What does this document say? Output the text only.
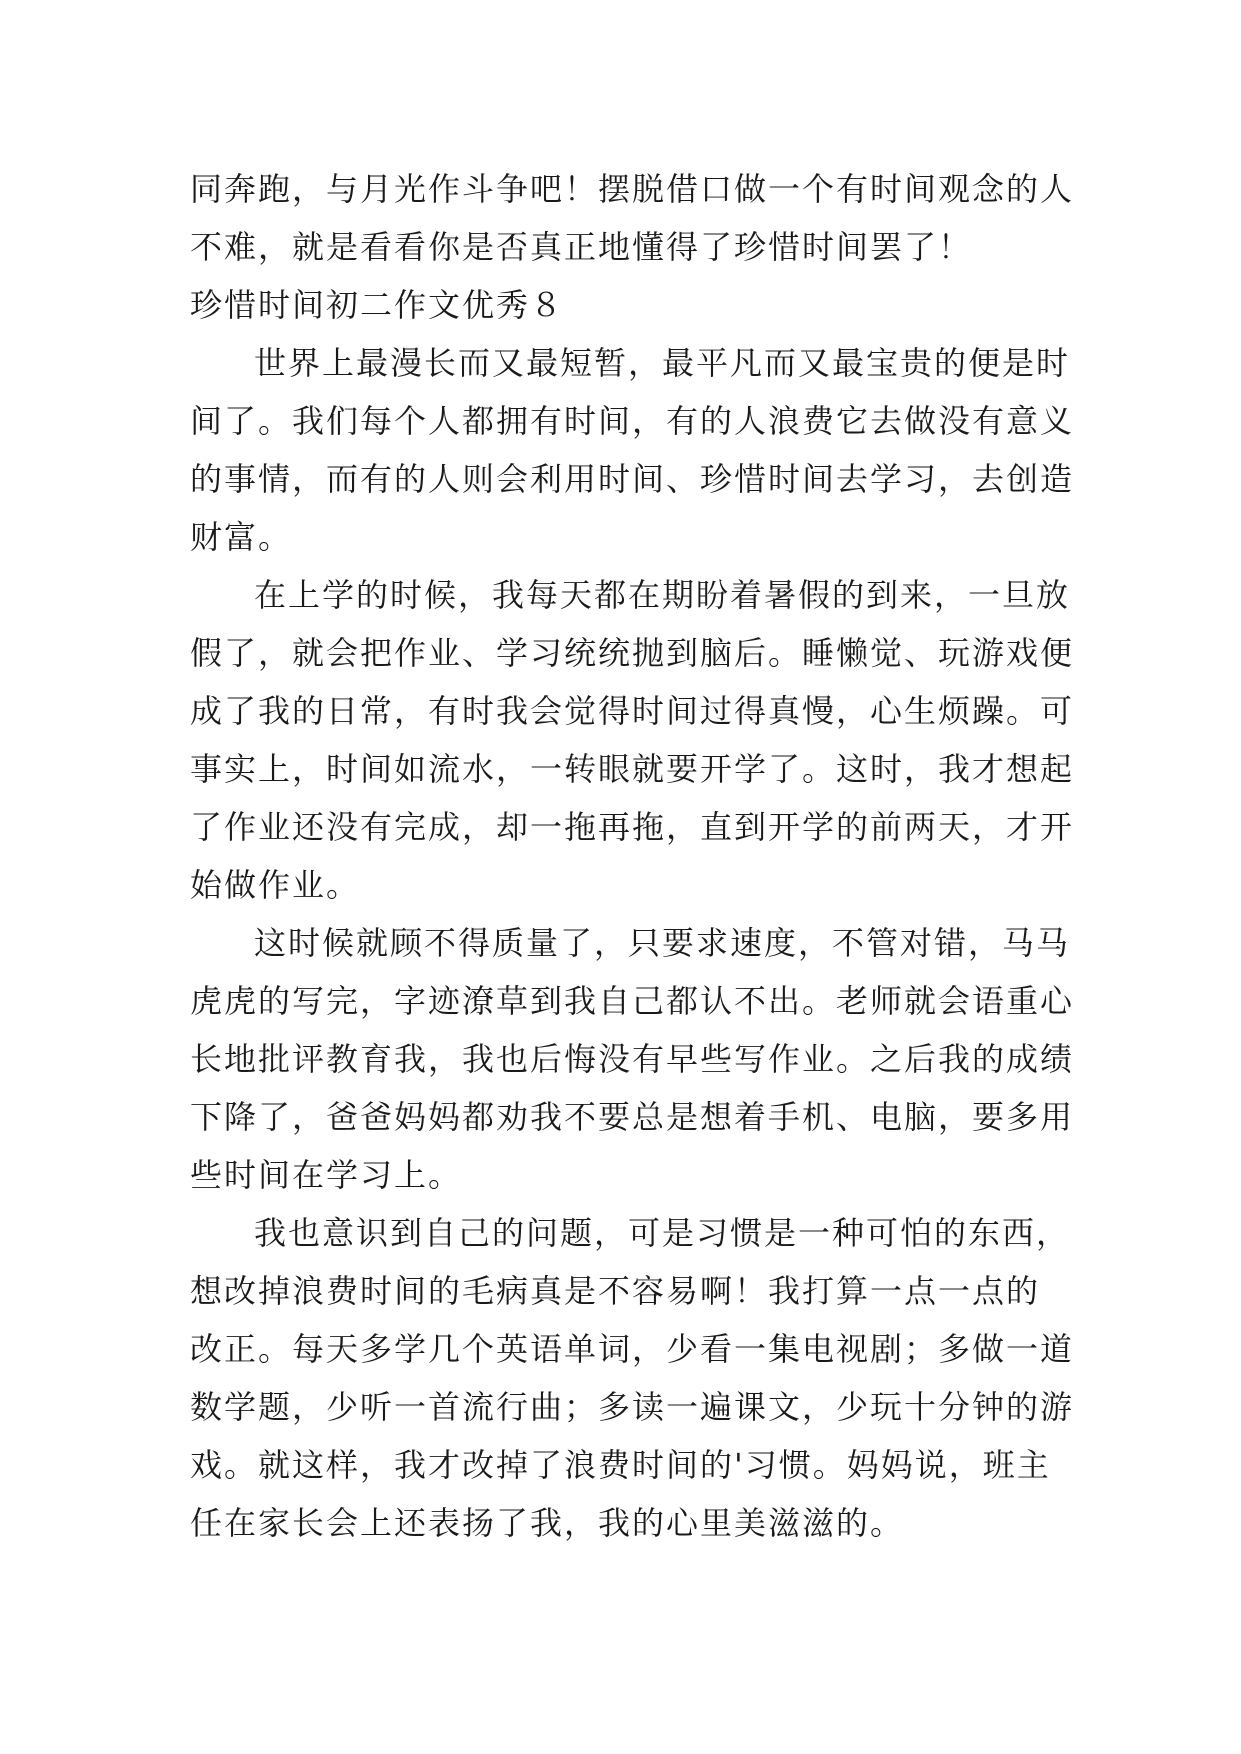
同奔跑，与月光作斗争吧！摆脱借口做一个有时间观念的人
不难，就是看看你是否真正地懂得了珍惜时间罢了！
珍惜时间初二作文优秀８
世界上最漫长而又最短暂，最平凡而又最宝贵的便是时
间了。我们每个人都拥有时间，有的人浪费它去做没有意义
的事情，而有的人则会利用时间、珍惜时间去学习，去创造
财富。
在上学的时候，我每天都在期盼着暑假的到来，一旦放
假了，就会把作业、学习统统抛到脑后。睡懒觉、玩游戏便
成了我的日常，有时我会觉得时间过得真慢，心生烦躁。可
事实上，时间如流水，一转眼就要开学了。这时，我才想起
了作业还没有完成，却一拖再拖，直到开学的前两天，才开
始做作业。
这时候就顾不得质量了，只要求速度，不管对错，马马
虎虎的写完，字迹潦草到我自己都认不出。老师就会语重心
长地批评教育我，我也后悔没有早些写作业。之后我的成绩
下降了，爸爸妈妈都劝我不要总是想着手机、电脑，要多用
些时间在学习上。
我也意识到自己的问题，可是习惯是一种可怕的东西，
想改掉浪费时间的毛病真是不容易啊！我打算一点一点的
改正。每天多学几个英语单词，少看一集电视剧；多做一道
数学题，少听一首流行曲；多读一遍课文，少玩十分钟的游
戏。就这样，我才改掉了浪费时间的'习惯。妈妈说，班主
任在家长会上还表扬了我，我的心里美滋滋的。
